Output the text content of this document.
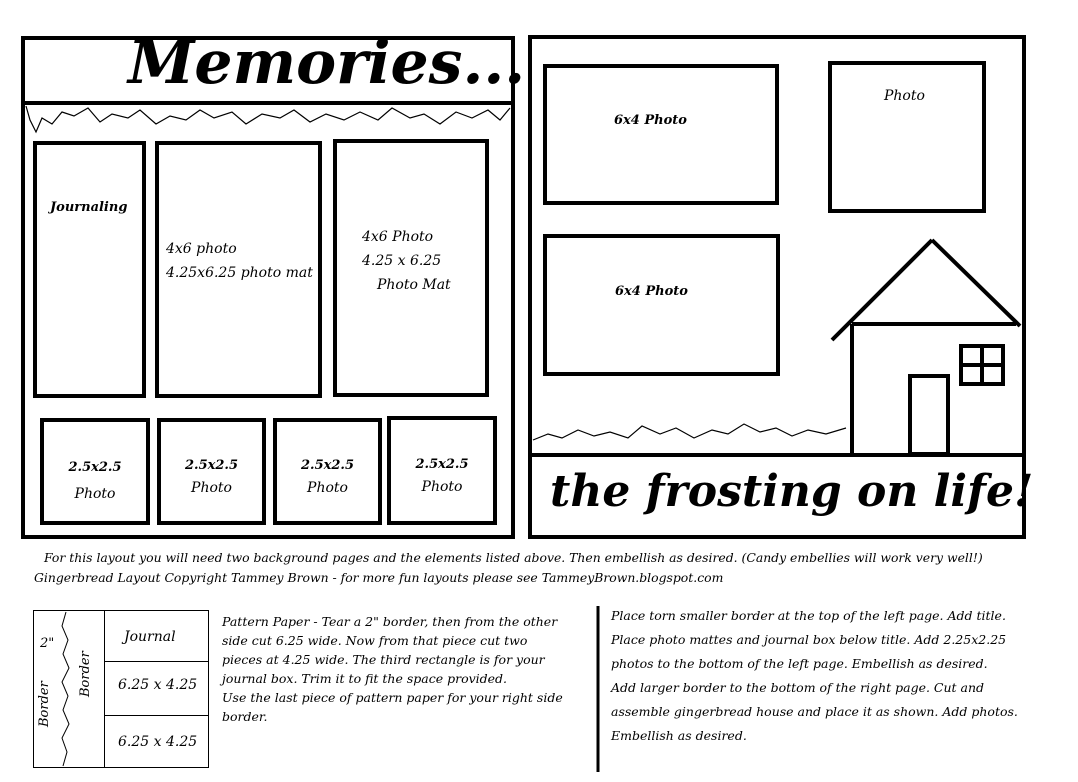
Memories...
Journaling
4x6 photo
4.25x6.25 photo mat
4x6 Photo
4.25 x 6.25
Photo Mat
2.5x2.5
Photo
2.5x2.5
Photo
2.5x2.5
Photo
2.5x2.5
Photo
6x4 Photo
6x4 Photo
Photo
the frosting on life!
For this layout you will need two background pages and the elements listed above. Then embellish as desired. (Candy embellies will work very well!)
Gingerbread Layout Copyright Tammey Brown - for more fun layouts please see TammeyBrown.blogspot.com
2"
Border
Border
Journal
6.25 x 4.25
6.25 x 4.25
Pattern Paper - Tear a 2" border, then from the other
side cut 6.25 wide. Now from that piece cut two
pieces at 4.25 wide. The third rectangle is for your
journal box. Trim it to fit the space provided.
Use the last piece of pattern paper for your right side
border.
Place torn smaller border at the top of the left page. Add title.
Place photo mattes and journal box below title. Add 2.25x2.25
photos to the bottom of the left page. Embellish as desired.
Add larger border to the bottom of the right page. Cut and
assemble gingerbread house and place it as shown. Add photos.
Embellish as desired.
